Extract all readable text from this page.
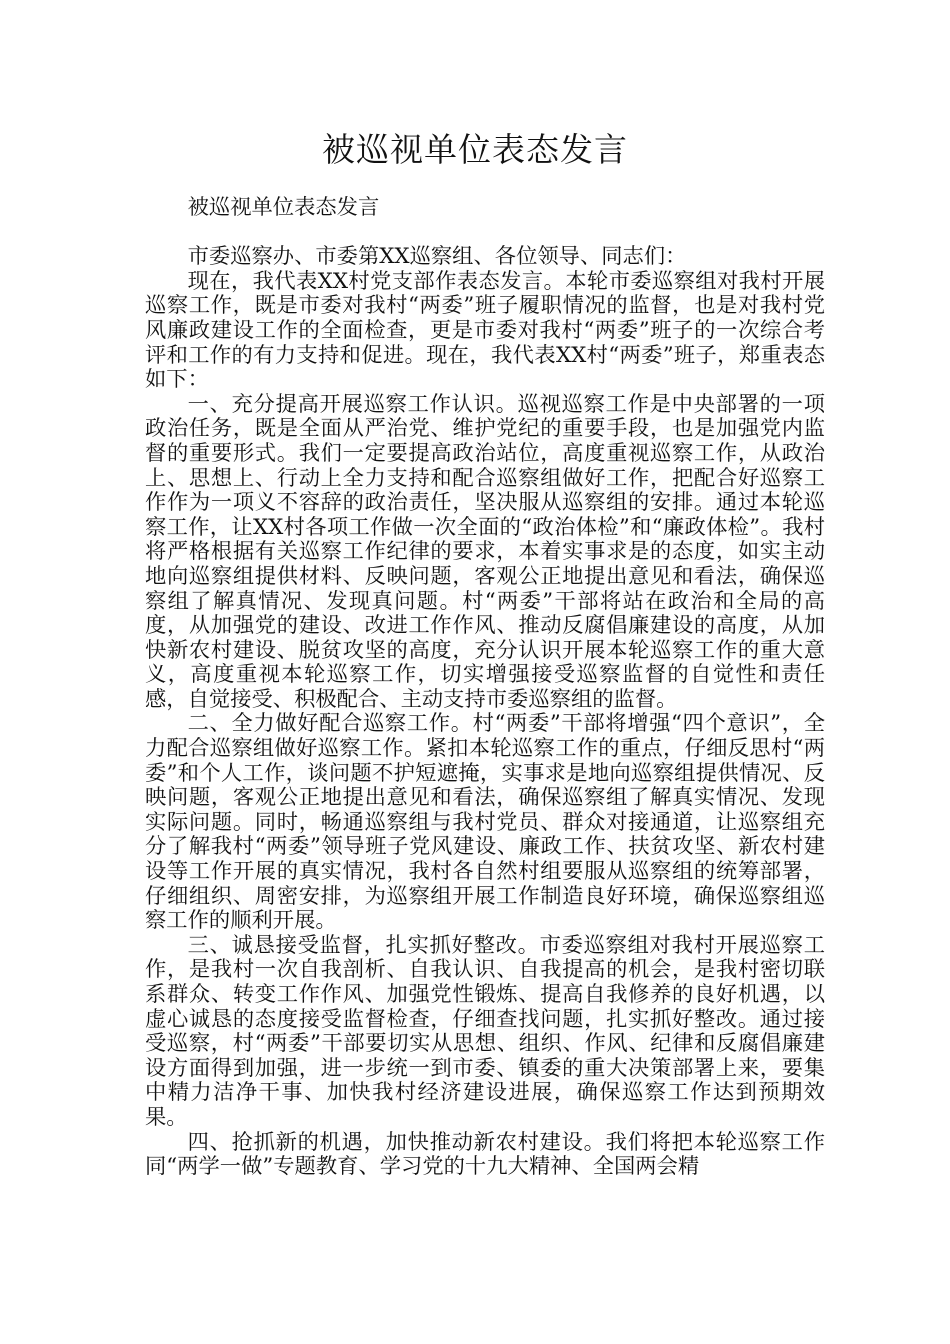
被巡视单位表态发言

被巡视单位表态发言

市委巡察办、市委第XX巡察组、各位领导、同志们：

现在，我代表XX村党支部作表态发言。本轮市委巡察组对我村开展巡察工作，既是市委对我村“两委”班子履职情况的监督，也是对我村党风廉政建设工作的全面检查，更是市委对我村“两委”班子的一次综合考评和工作的有力支持和促进。现在，我代表XX村“两委”班子，郑重表态如下：

一、充分提高开展巡察工作认识。巡视巡察工作是中央部署的一项政治任务，既是全面从严治党、维护党纪的重要手段，也是加强党内监督的重要形式。我们一定要提高政治站位，高度重视巡察工作，从政治上、思想上、行动上全力支持和配合巡察组做好工作，把配合好巡察工作作为一项义不容辞的政治责任，坚决服从巡察组的安排。通过本轮巡察工作，让XX村各项工作做一次全面的“政治体检”和“廉政体检”。我村将严格根据有关巡察工作纪律的要求，本着实事求是的态度，如实主动地向巡察组提供材料、反映问题，客观公正地提出意见和看法，确保巡察组了解真情况、发现真问题。村“两委”干部将站在政治和全局的高度，从加强党的建设、改进工作作风、推动反腐倡廉建设的高度，从加快新农村建设、脱贫攻坚的高度，充分认识开展本轮巡察工作的重大意义，高度重视本轮巡察工作，切实增强接受巡察监督的自觉性和责任感，自觉接受、积极配合、主动支持市委巡察组的监督。

二、全力做好配合巡察工作。村“两委”干部将增强“四个意识”，全力配合巡察组做好巡察工作。紧扣本轮巡察工作的重点，仔细反思村“两委”和个人工作，谈问题不护短遮掩，实事求是地向巡察组提供情况、反映问题，客观公正地提出意见和看法，确保巡察组了解真实情况、发现实际问题。同时，畅通巡察组与我村党员、群众对接通道，让巡察组充分了解我村“两委”领导班子党风建设、廉政工作、扶贫攻坚、新农村建设等工作开展的真实情况，我村各自然村组要服从巡察组的统筹部署，仔细组织、周密安排，为巡察组开展工作制造良好环境，确保巡察组巡察工作的顺利开展。

三、诚恳接受监督，扎实抓好整改。市委巡察组对我村开展巡察工作，是我村一次自我剖析、自我认识、自我提高的机会，是我村密切联系群众、转变工作作风、加强党性锻炼、提高自我修养的良好机遇，以虚心诚恳的态度接受监督检查，仔细查找问题，扎实抓好整改。通过接受巡察，村“两委”干部要切实从思想、组织、作风、纪律和反腐倡廉建设方面得到加强，进一步统一到市委、镇委的重大决策部署上来，要集中精力洁净干事、加快我村经济建设进展，确保巡察工作达到预期效果。

四、抢抓新的机遇，加快推动新农村建设。我们将把本轮巡察工作同“两学一做”专题教育、学习党的十九大精神、全国两会精
